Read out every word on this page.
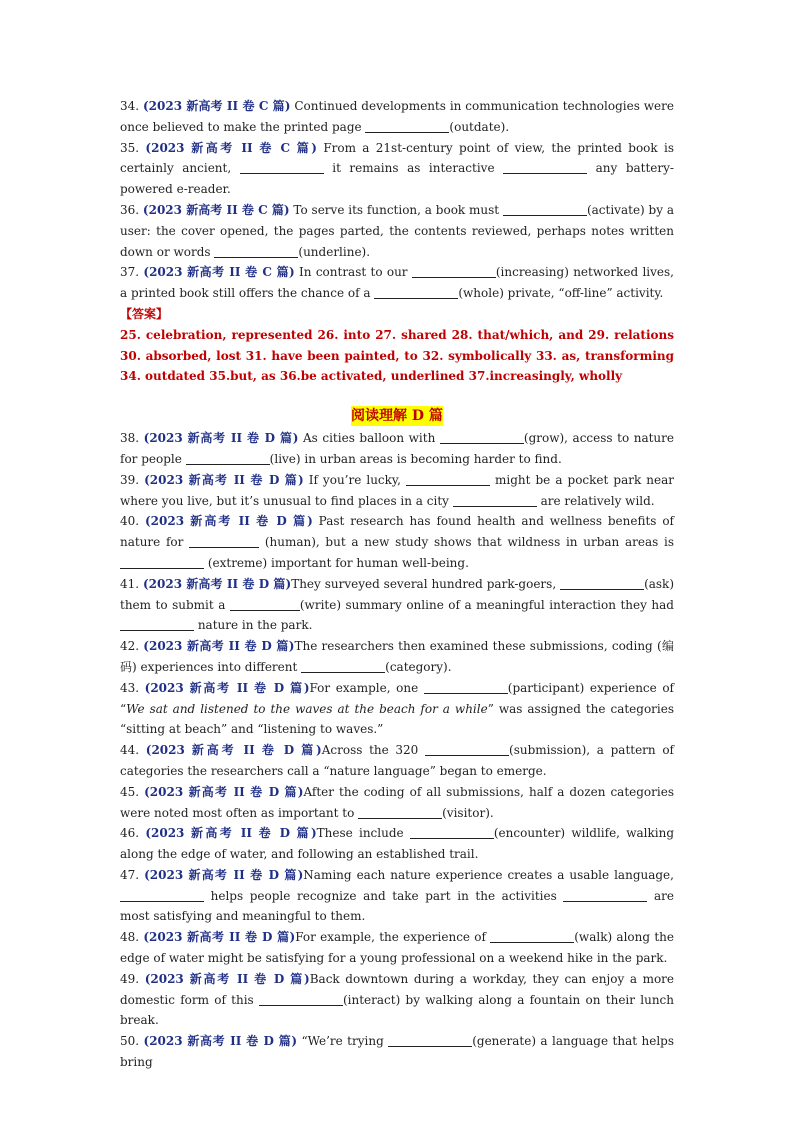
34. (2023 新高考 II 卷 C 篇) Continued developments in communication technologies were once believed to make the printed page	(outdate).

35. (2023 新高考 II 卷 C 篇) From a 21st-century point of view, the printed book is certainly ancient,	it remains as interactive	any battery-powered e-reader.

36. (2023 新高考 II 卷 C 篇) To serve its function, a book must	(activate) by a user: the cover opened, the pages parted, the contents reviewed, perhaps notes written down or words	(underline).

37. (2023 新高考 II 卷 C 篇) In contrast to our	(increasing) networked lives, a printed book still offers the chance of a	(whole) private, “off-line” activity.

【答案】

25. celebration, represented 26. into 27. shared 28. that/which, and 29. relations 30. absorbed, lost 31. have been painted, to 32. symbolically 33. as, transforming 34. outdated 35.but, as 36.be activated, underlined 37.increasingly, wholly

阅读理解 D 篇

38. (2023 新高考 II 卷 D 篇) As cities balloon with	(grow), access to nature for people	(live) in urban areas is becoming harder to find.

39. (2023 新高考 II 卷 D 篇) If you’re lucky,	might be a pocket park near where you live, but it’s unusual to find places in a city	are relatively wild.

40. (2023 新高考 II 卷 D 篇) Past research has found health and wellness benefits of nature for	(human), but a new study shows that wildness in urban areas is  (extreme) important for human well-being.

41. (2023 新高考 II 卷 D 篇)They surveyed several hundred park-goers,	(ask) them to submit a	(write) summary online of a meaningful interaction they had  nature in the park.

42. (2023 新高考 II 卷 D 篇)The researchers then examined these submissions, coding (编码) experiences into different	(category).

43. (2023 新高考 II 卷 D 篇)For example, one	(participant) experience of “We sat and listened to the waves at the beach for a while” was assigned the categories “sitting at beach” and “listening to waves.”

44. (2023 新高考 II 卷 D 篇)Across the 320	(submission), a pattern of categories the researchers call a “nature language” began to emerge.

45. (2023 新高考 II 卷 D 篇)After the coding of all submissions, half a dozen categories were noted most often as important to	(visitor).

46. (2023 新高考 II 卷 D 篇)These include	(encounter) wildlife, walking along the edge of water, and following an established trail.

47. (2023 新高考 II 卷 D 篇)Naming each nature experience creates a usable language,  helps people recognize and take part in the activities	are most satisfying and meaningful to them.

48. (2023 新高考 II 卷 D 篇)For example, the experience of	(walk) along the edge of water might be satisfying for a young professional on a weekend hike in the park.

49. (2023 新高考 II 卷 D 篇)Back downtown during a workday, they can enjoy a more domestic form of this	(interact) by walking along a fountain on their lunch break.

50. (2023 新高考 II 卷 D 篇) “We’re trying	(generate) a language that helps bring
